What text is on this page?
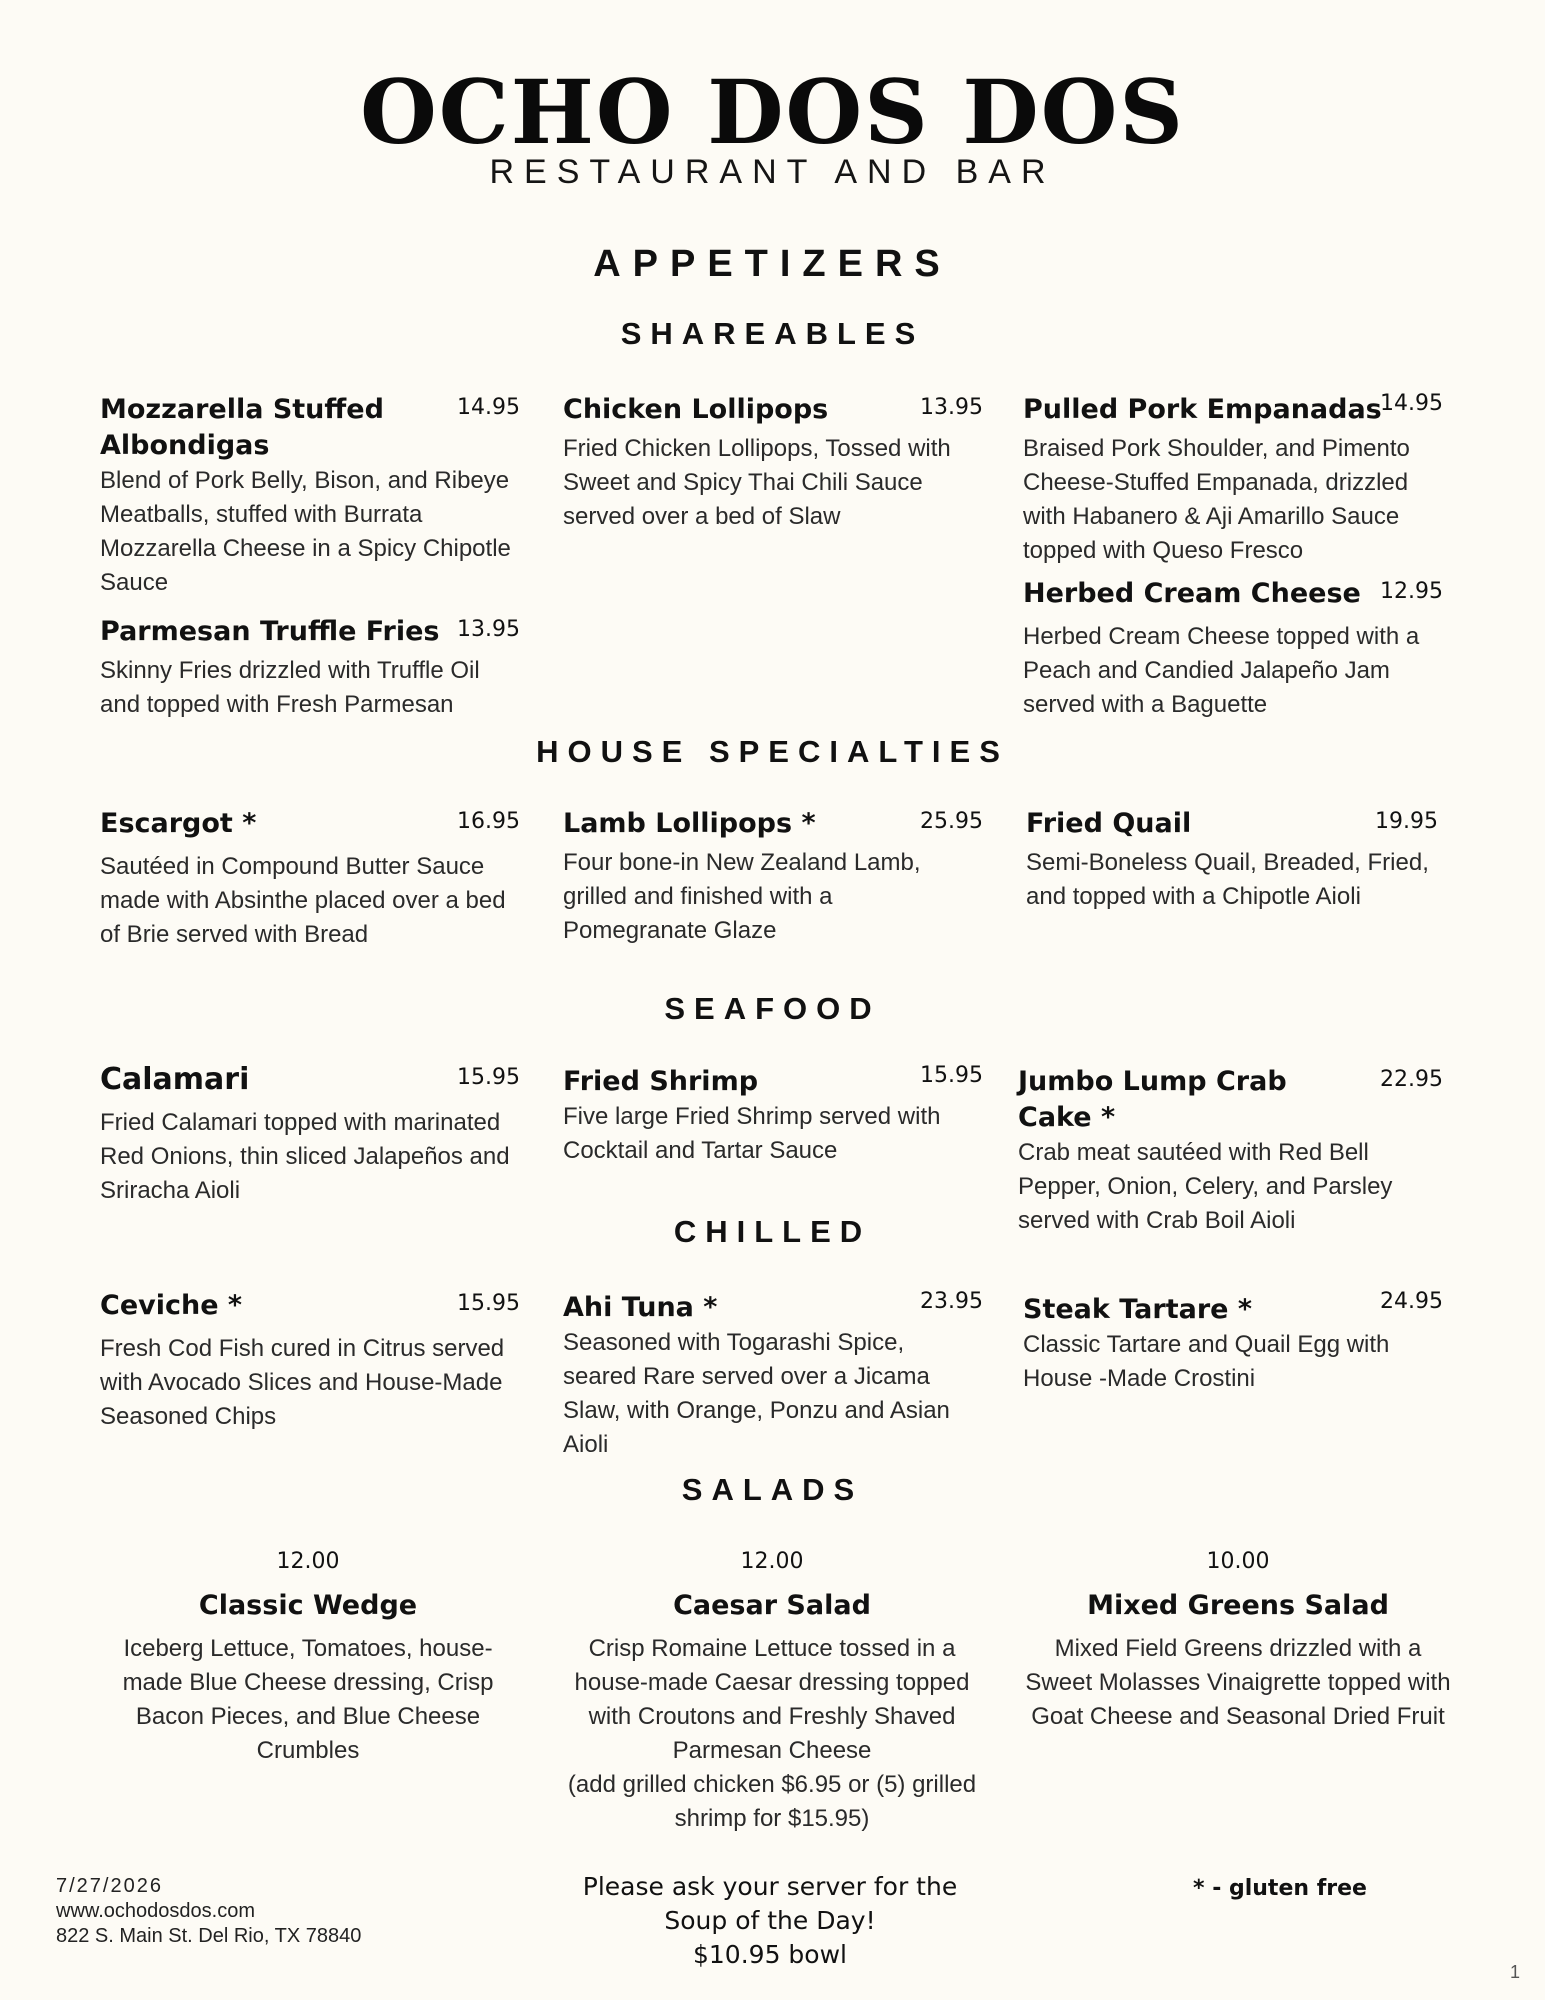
OCHO DOS DOS
RESTAURANT AND BAR
APPETIZERS
SHAREABLES
Mozzarella Stuffed Albondigas
14.95
Blend of Pork Belly, Bison, and Ribeye Meatballs, stuffed with Burrata Mozzarella Cheese in a Spicy Chipotle Sauce
Parmesan Truffle Fries 13.95
Skinny Fries drizzled with Truffle Oil and topped with Fresh Parmesan
Chicken Lollipops	13.95
Fried Chicken Lollipops, Tossed with Sweet and Spicy Thai Chili Sauce served over a bed of Slaw
Pulled Pork Empanadas
14.95
Braised Pork Shoulder, and Pimento Cheese-Stuffed Empanada, drizzled with Habanero & Aji Amarillo Sauce topped with Queso Fresco
Herbed Cream Cheese 12.95
Herbed Cream Cheese topped with a Peach and Candied Jalapeño Jam served with a Baguette
HOUSE SPECIALTIES
Escargot *	16.95
Sautéed in Compound Butter Sauce made with Absinthe placed over a bed of Brie served with Bread
Lamb Lollipops *	25.95
Four bone-in New Zealand Lamb, grilled and finished with a Pomegranate Glaze
Fried Quail	19.95
Semi-Boneless Quail, Breaded, Fried, and topped with a Chipotle Aioli
SEAFOOD
Calamari	15.95
Fried Calamari topped with marinated Red Onions, thin sliced Jalapeños and Sriracha Aioli
Fried Shrimp	15.95
Five large Fried Shrimp served with Cocktail and Tartar Sauce
Jumbo Lump Crab Cake *
22.95
Crab meat sautéed with Red Bell Pepper, Onion, Celery, and Parsley served with Crab Boil Aioli
CHILLED
Ceviche *	15.95
Fresh Cod Fish cured in Citrus served with Avocado Slices and House-Made Seasoned Chips
Ahi Tuna *	23.95
Seasoned with Togarashi Spice, seared Rare served over a Jicama Slaw, with Orange, Ponzu and Asian Aioli
Steak Tartare *	24.95
Classic Tartare and Quail Egg with House -Made Crostini
SALADS
12.00
Classic Wedge
Iceberg Lettuce, Tomatoes, house-made Blue Cheese dressing, Crisp Bacon Pieces, and Blue Cheese Crumbles
12.00
Caesar Salad
Crisp Romaine Lettuce tossed in a house-made Caesar dressing topped with Croutons and Freshly Shaved Parmesan Cheese
(add grilled chicken $6.95 or (5) grilled shrimp for $15.95)
10.00
Mixed Greens Salad
Mixed Field Greens drizzled with a Sweet Molasses Vinaigrette topped with Goat Cheese and Seasonal Dried Fruit
7/27/2026
www.ochodosdos.com
822 S. Main St. Del Rio, TX 78840
Please ask your server for the
Soup of the Day!
$10.95 bowl
* - gluten free
1
